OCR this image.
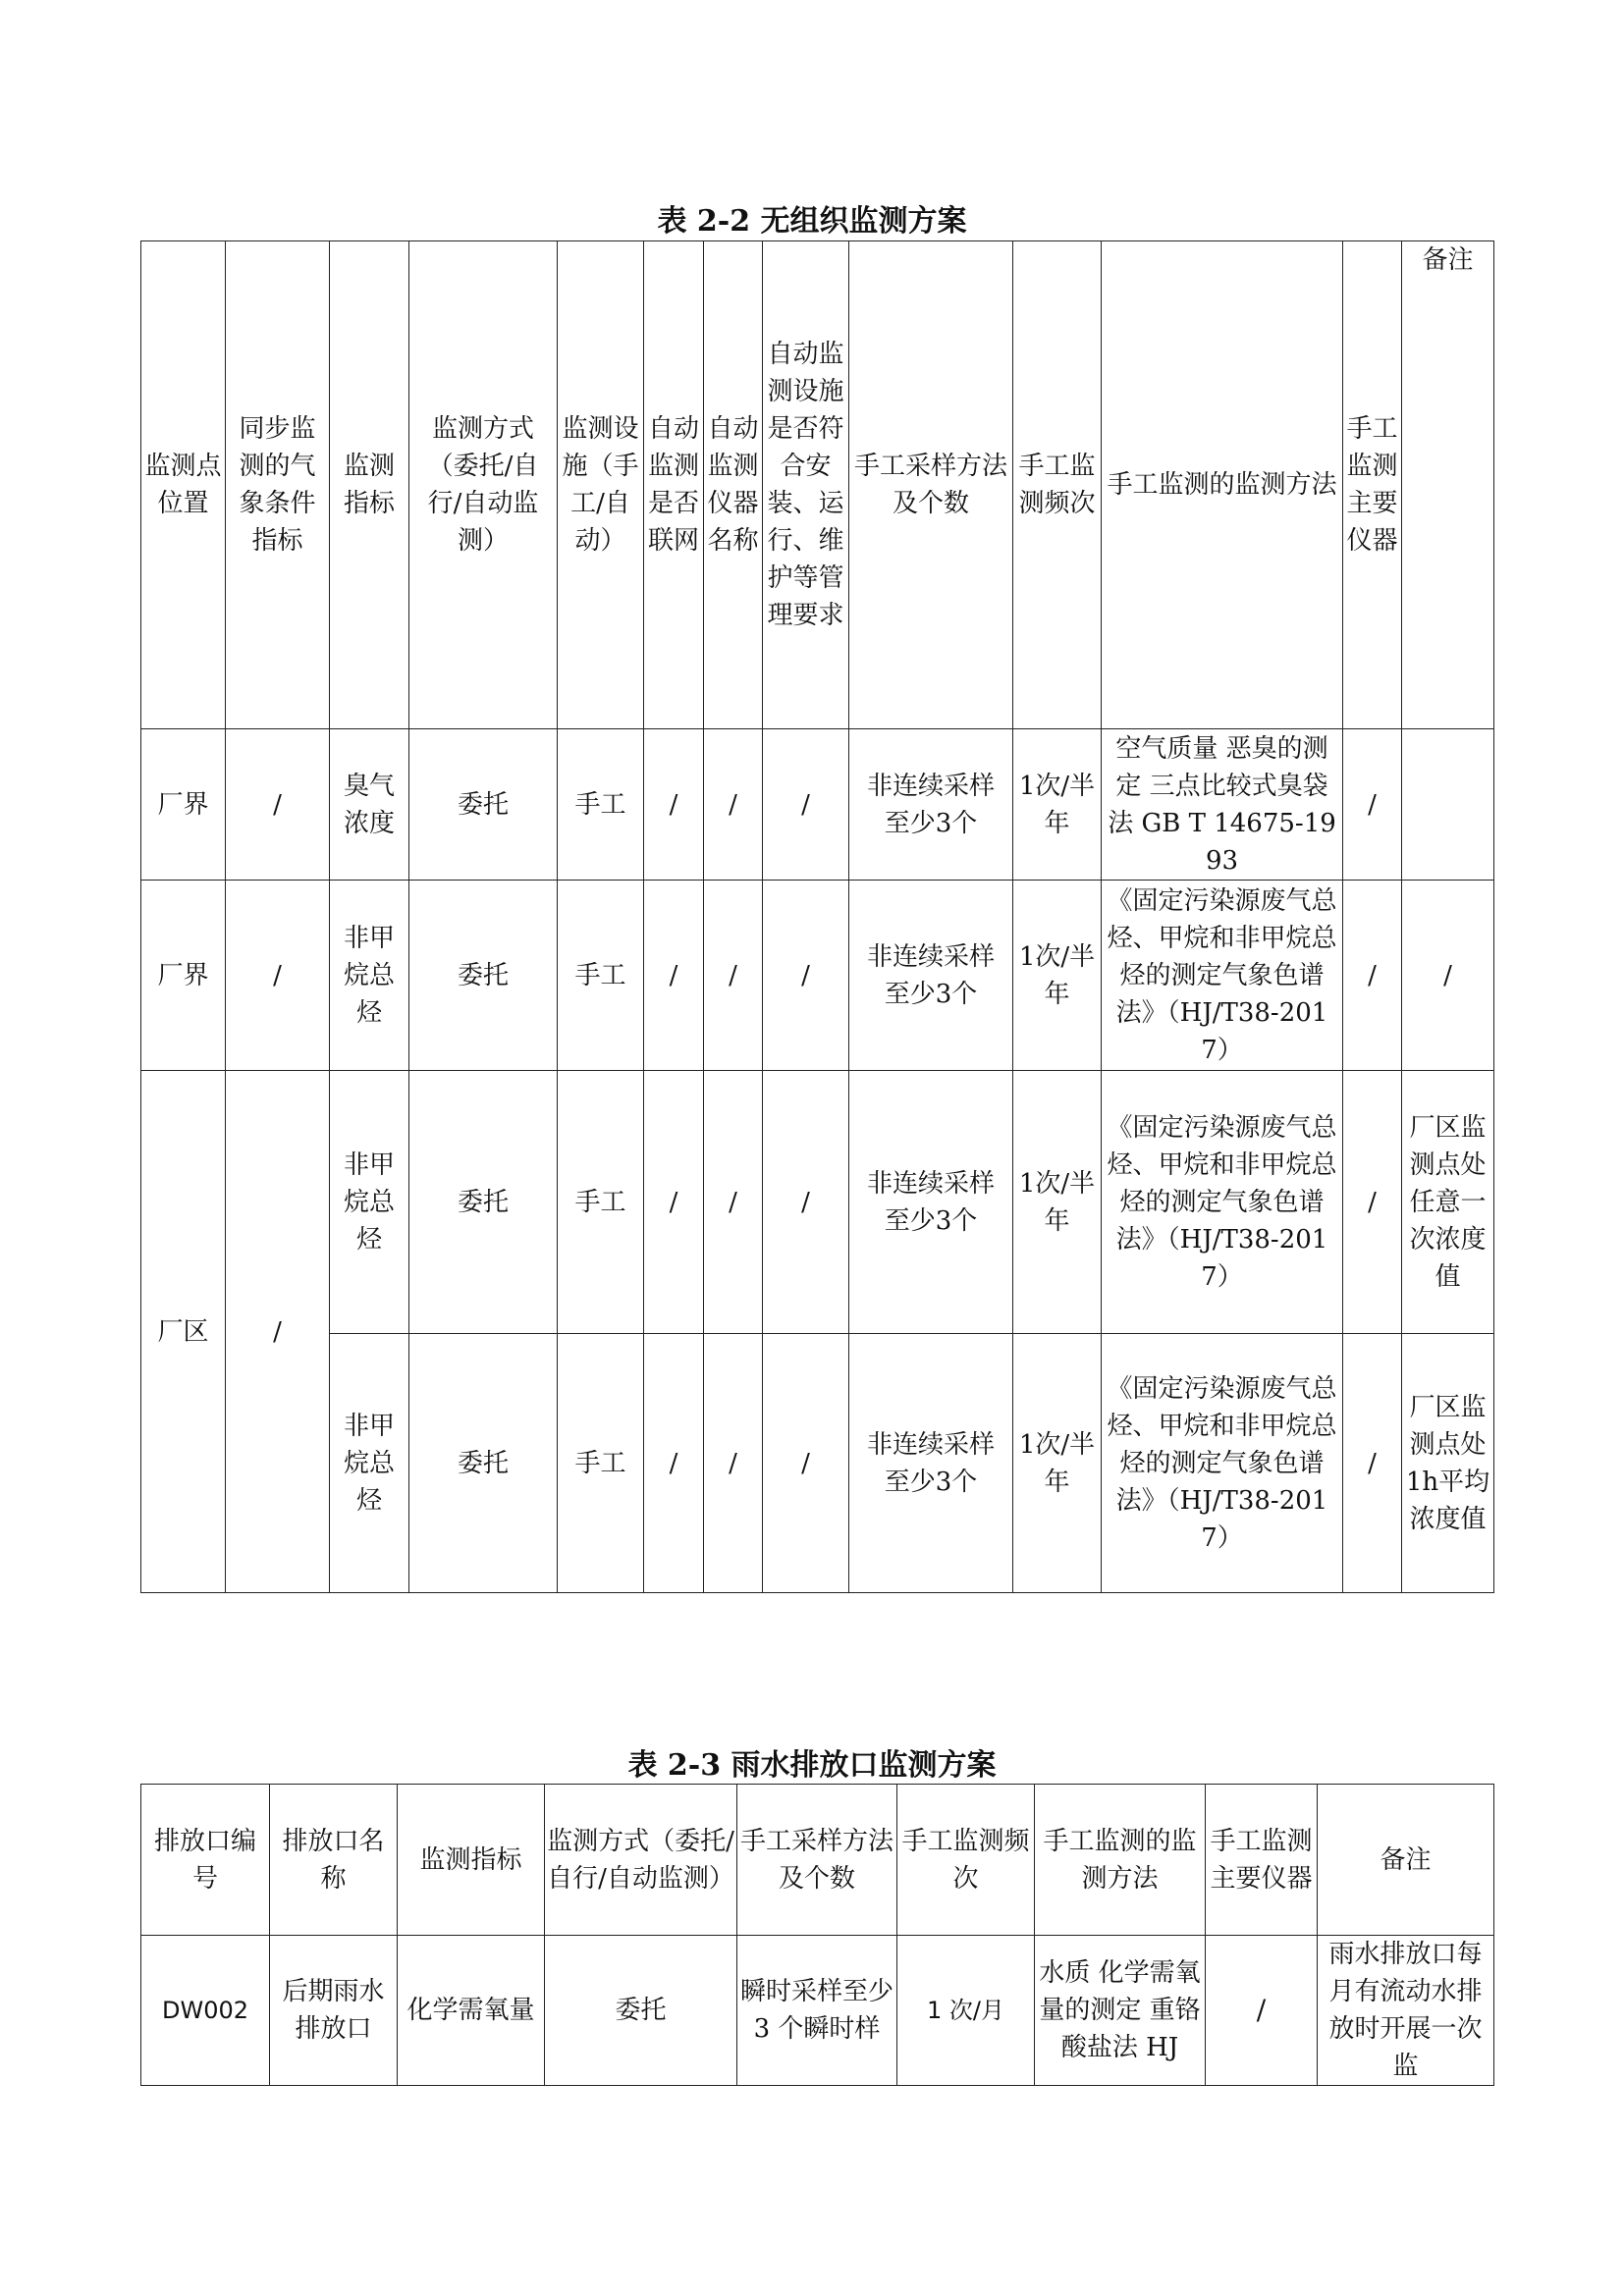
表 2-2 无组织监测方案
监测点位置	同步监测的气象条件指标	监测指标	监测方式（委托/自行/自动监测）	监测设施（手工/自动）	自动监测是否联网	自动监测仪器名称	自动监测设施是否符合安装、运行、维护等管理要求	手工采样方法及个数	手工监测频次	手工监测的监测方法	手工监测主要仪器	备注
厂界	/	臭气浓度	委托	手工	/	/	/	非连续采样 至少3个	1次/半年	空气质量 恶臭的测定 三点比较式臭袋法 GB T 14675-1993	/	
厂界	/	非甲烷总烃	委托	手工	/	/	/	非连续采样 至少3个	1次/半年	《固定污染源废气总烃、甲烷和非甲烷总烃的测定气象色谱法》（HJ/T38-2017）	/	/
厂区	/	非甲烷总烃	委托	手工	/	/	/	非连续采样 至少3个	1次/半年	《固定污染源废气总烃、甲烷和非甲烷总烃的测定气象色谱法》（HJ/T38-2017）	/	厂区监测点处任意一次浓度值
		非甲烷总烃	委托	手工	/	/	/	非连续采样 至少3个	1次/半年	《固定污染源废气总烃、甲烷和非甲烷总烃的测定气象色谱法》（HJ/T38-2017）	/	厂区监测点处1h平均浓度值
表 2-3 雨水排放口监测方案
排放口编号	排放口名称	监测指标	监测方式（委托/自行/自动监测）	手工采样方法及个数	手工监测频次	手工监测的监测方法	手工监测主要仪器	备注
DW002	后期雨水排放口	化学需氧量	委托	瞬时采样至少 3 个瞬时样	1 次/月	水质 化学需氧量的测定 重铬酸盐法 HJ	/	雨水排放口每月有流动水排放时开展一次监
